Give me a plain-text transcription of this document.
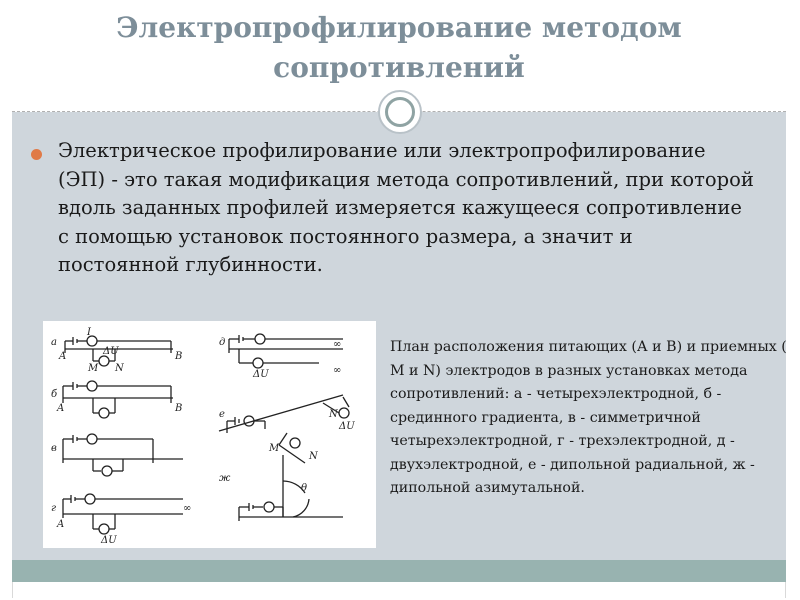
Электропрофилирование методом сопротивлений
Электрическое профилирование или электропрофилирование (ЭП) - это такая модификация метода сопротивлений, при которой вдоль заданных профилей измеряется кажущееся сопротивление с помощью установок постоянного размера, а значит и постоянной глубинности.
а
A	B
I
ΔU
M N
б
A	B
в
г
A
∞
ΔU
д	∞
∞
ΔU
е
ΔU
N
ж
θ
M
N
План расположения питающих (А и В) и приемных ( М и N) электродов в разных установках метода сопротивлений: а - четырехэлектродной, б - срединного градиента, в - симметричной четырехэлектродной, г - трехэлектродной, д - двухэлектродной, е - дипольной радиальной, ж - дипольной азимутальной.
